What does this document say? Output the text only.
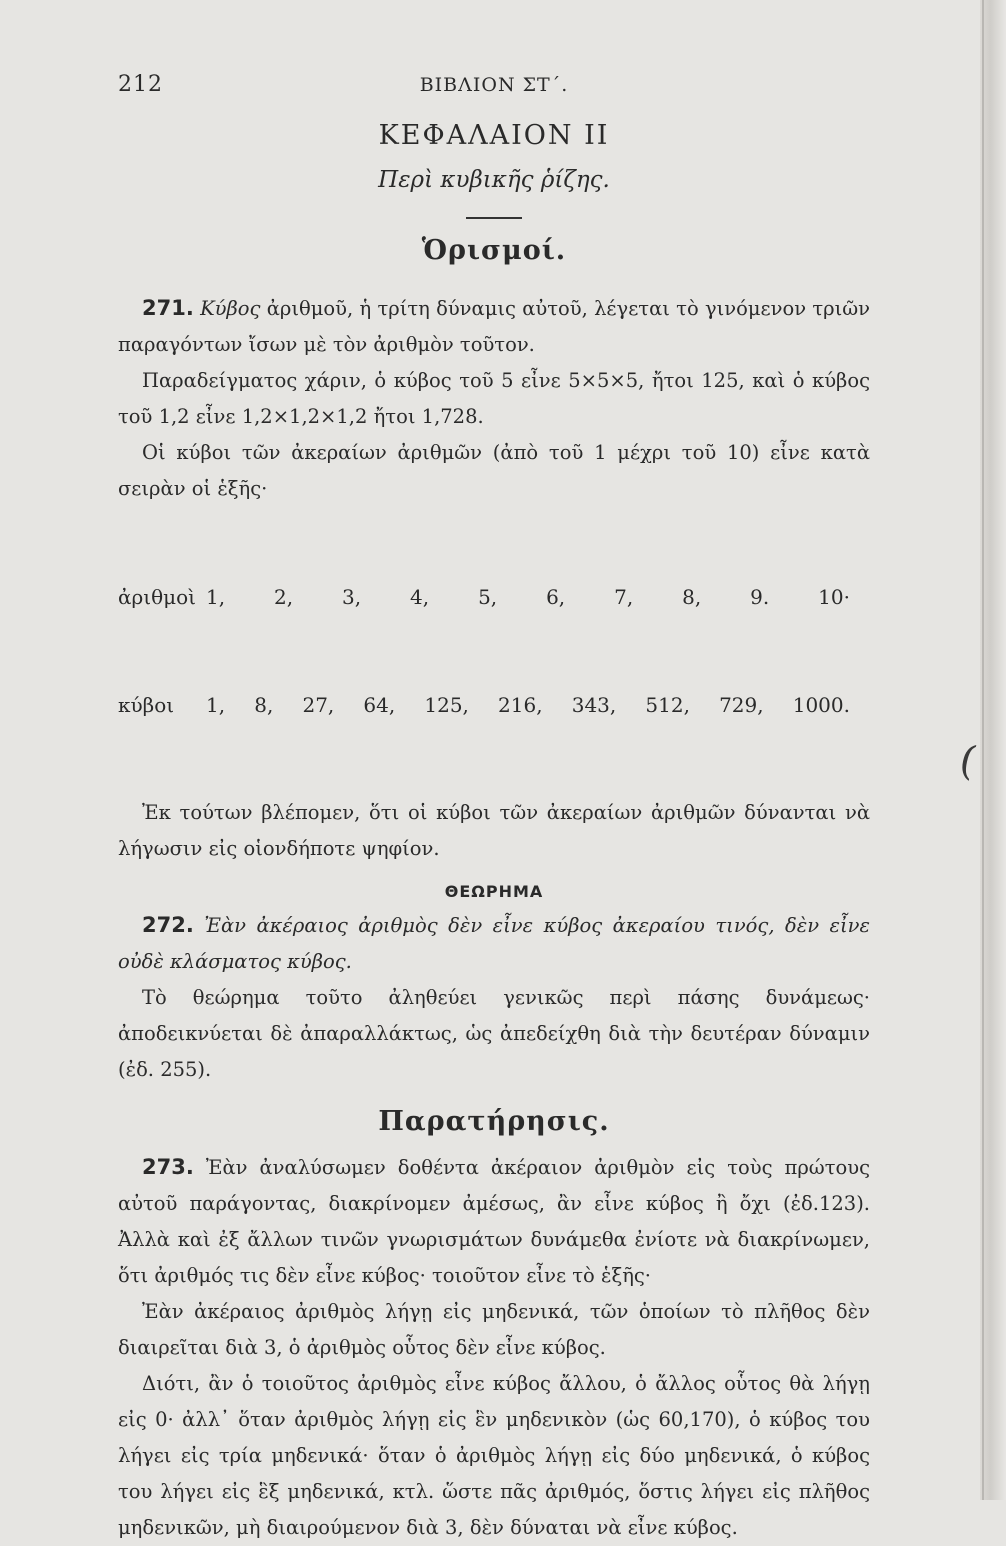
(
212	ΒΙΒΛΙΟΝ ΣΤ΄.
ΚΕΦΑΛΑΙΟΝ ΙΙ
Περὶ κυβικῆς ῥίζης.
Ὁρισμοί.

271. Κύβος ἀριθμοῦ, ἡ τρίτη δύναμις αὐτοῦ, λέγεται τὸ γινόμενον τριῶν παραγόντων ἴσων μὲ τὸν ἀριθμὸν τοῦτον.

Παραδείγματος χάριν, ὁ κύβος τοῦ 5 εἶνε 5×5×5, ἤτοι 125, καὶ ὁ κύβος τοῦ 1,2 εἶνε 1,2×1,2×1,2 ἤτοι 1,728.

Οἱ κύβοι τῶν ἀκεραίων ἀριθμῶν (ἀπὸ τοῦ 1 μέχρι τοῦ 10) εἶνε κατὰ σειρὰν οἱ ἑξῆς·

ἀριθμοὶ 1, 2, 3, 4, 5, 6, 7, 8, 9. 10·

κύβοι	1, 8, 27, 64, 125, 216, 343, 512, 729, 1000.

Ἐκ τούτων βλέπομεν, ὅτι οἱ κύβοι τῶν ἀκεραίων ἀριθμῶν δύνανται νὰ λήγωσιν εἰς οἱονδήποτε ψηφίον.

ΘΕΩΡΗΜΑ

272. Ἐὰν ἀκέραιος ἀριθμὸς δὲν εἶνε κύβος ἀκεραίου τινός, δὲν εἶνε οὐδὲ κλάσματος κύβος.

Τὸ θεώρημα τοῦτο ἀληθεύει γενικῶς περὶ πάσης δυνάμεως· ἀποδεικνύεται δὲ ἀπαραλλάκτως, ὡς ἀπεδείχθη διὰ τὴν δευτέραν δύναμιν (ἐδ. 255).

Παρατήρησις.

273. Ἐὰν ἀναλύσωμεν δοθέντα ἀκέραιον ἀριθμὸν εἰς τοὺς πρώτους αὐτοῦ παράγοντας, διακρίνομεν ἀμέσως, ἂν εἶνε κύβος ἢ ὄχι (ἐδ.123). Ἀλλὰ καὶ ἐξ ἄλλων τινῶν γνωρισμάτων δυνάμεθα ἐνίοτε νὰ διακρίνωμεν, ὅτι ἀριθμός τις δὲν εἶνε κύβος· τοιοῦτον εἶνε τὸ ἑξῆς·

Ἐὰν ἀκέραιος ἀριθμὸς λήγῃ εἰς μηδενικά, τῶν ὁποίων τὸ πλῆθος δὲν διαιρεῖται διὰ 3, ὁ ἀριθμὸς οὗτος δὲν εἶνε κύβος.

Διότι, ἂν ὁ τοιοῦτος ἀριθμὸς εἶνε κύβος ἄλλου, ὁ ἄλλος οὗτος θὰ λήγῃ εἰς 0· ἀλλ᾽ ὅταν ἀριθμὸς λήγῃ εἰς ἓν μηδενικὸν (ὡς 60,170), ὁ κύβος του λήγει εἰς τρία μηδενικά· ὅταν ὁ ἀριθμὸς λήγῃ εἰς δύο μηδενικά, ὁ κύβος του λήγει εἰς ἓξ μηδενικά, κτλ. ὥστε πᾶς ἀριθμός, ὅστις λήγει εἰς πλῆθος μηδενικῶν, μὴ διαιρούμενον διὰ 3, δὲν δύναται νὰ εἶνε κύβος.
